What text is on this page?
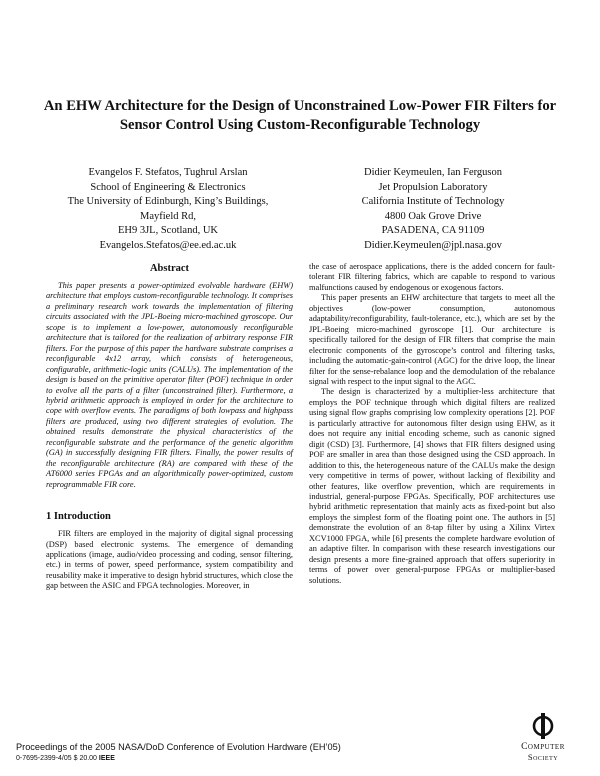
An EHW Architecture for the Design of Unconstrained Low-Power FIR Filters for
Sensor Control Using Custom-Reconfigurable Technology
Evangelos F. Stefatos, Tughrul Arslan
School of Engineering & Electronics
The University of Edinburgh, King’s Buildings,
Mayfield Rd,
EH9 3JL, Scotland, UK
Evangelos.Stefatos@ee.ed.ac.uk
Didier Keymeulen, Ian Ferguson
Jet Propulsion Laboratory
California Institute of Technology
4800 Oak Grove Drive
PASADENA, CA 91109
Didier.Keymeulen@jpl.nasa.gov
Abstract

This paper presents a power-optimized evolvable hardware (EHW) architecture that employs custom-reconfigurable technology. It comprises a preliminary research work towards the implementation of filtering circuits associated with the JPL-Boeing micro-machined gyroscope. Our scope is to implement a low-power, autonomously reconfigurable architecture that is tailored for the realization of arbitrary response FIR filters. For the purpose of this paper the hardware substrate comprises a reconfigurable 4x12 array, which consists of heterogeneous, configurable, arithmetic-logic units (CALUs). The implementation of the design is based on the primitive operator filter (POF) technique in order to evolve all the parts of a filter (unconstrained filter). Furthermore, a hybrid arithmetic approach is employed in order for the architecture to cope with overflow events. The paradigms of both lowpass and highpass filters are produced, using two different strategies of evolution. The obtained results demonstrate the physical characteristics of the reconfigurable substrate and the performance of the genetic algorithm (GA) in successfully designing FIR filters. Finally, the power results of the reconfigurable architecture (RA) are compared with these of the AT6000 series FPGAs and an algorithmically power-optimized, custom reprogrammable FIR core.

1 Introduction

FIR filters are employed in the majority of digital signal processing (DSP) based electronic systems. The emergence of demanding applications (image, audio/video processing and coding, sensor filtering, etc.) in terms of power, speed performance, system compatibility and reusability make it imperative to design hybrid structures, which close the gap between the ASIC and FPGA technologies. Moreover, in

the case of aerospace applications, there is the added concern for fault-tolerant FIR filtering fabrics, which are capable to respond to various malfunctions caused by endogenous or exogenous factors.

This paper presents an EHW architecture that targets to meet all the objectives (low-power consumption, autonomous adaptability/reconfigurability, fault-tolerance, etc.), which are set by the JPL-Boeing micro-machined gyroscope [1]. Our architecture is specifically tailored for the design of FIR filters that comprise the main electronic components of the gyroscope’s control and filtering tasks, including the automatic-gain-control (AGC) for the drive loop, the linear filter for the sense-rebalance loop and the demodulation of the rebalance signal with respect to the input signal to the AGC.

The design is characterized by a multiplier-less architecture that employs the POF technique through which digital filters are realized using signal flow graphs comprising low complexity operations [2]. POF is particularly attractive for autonomous filter design using EHW, as it does not require any initial encoding scheme, such as canonic signed digit (CSD) [3]. Furthermore, [4] shows that FIR filters designed using POF are smaller in area than those designed using the CSD approach. In addition to this, the heterogeneous nature of the CALUs make the design very competitive in terms of power, without lacking of flexibility and other features, like overflow prevention, which are requirements in industrial, general-purpose FPGAs. Specifically, POF architectures use hybrid arithmetic representation that mainly acts as fixed-point but also employs the simplest form of the floating point one. The authors in [5] demonstrate the evolution of an 8-tap filter by using a Xilinx Virtex XCV1000 FPGA, while [6] presents the complete hardware evolution of an adaptive filter. In comparison with these research investigations our design presents a more fine-grained approach that offers superiority in terms of power over general-purpose FPGAs or multiplier-based solutions.

Proceedings of the 2005 NASA/DoD Conference of Evolution Hardware (EH’05)
0-7695-2399-4/05 $ 20.00 IEEE
Computer
Society
